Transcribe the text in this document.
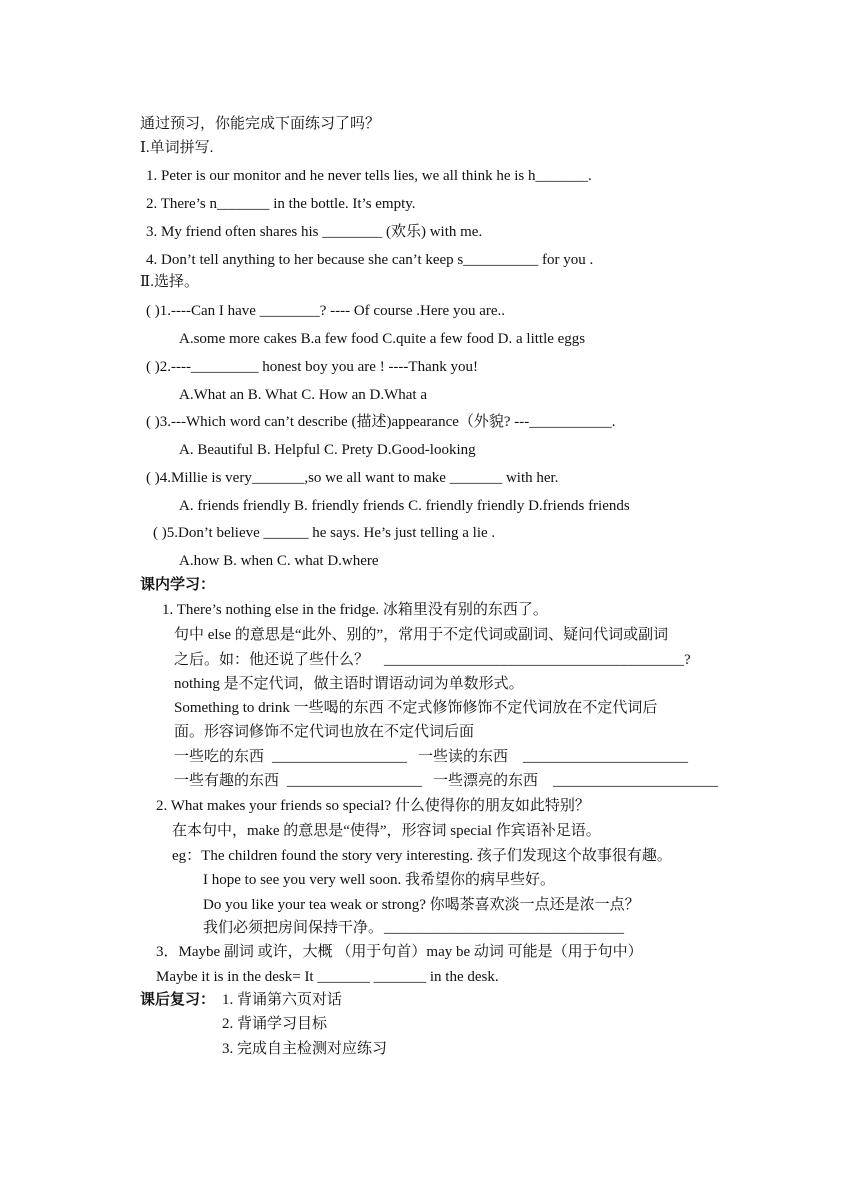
通过预习，你能完成下面练习了吗？
Ⅰ.单词拼写.
1. Peter is our monitor and he never tells lies, we all think he is h_______.
2. There’s n_______ in the bottle. It’s empty.
3. My friend often shares his ________ (欢乐) with me.
4. Don’t tell anything to her because she can’t keep s__________ for you .
Ⅱ.选择。
( )1.----Can I have ________? ---- Of course .Here you are..
A.some more cakes B.a few food C.quite a few food D. a little eggs
( )2.----_________ honest boy you are ! ----Thank you!
A.What an B. What C. How an D.What a
( )3.---Which word can’t describe (描述)appearance（外貌? ---___________.
A. Beautiful B. Helpful C. Prety D.Good-looking
( )4.Millie is very_______,so we all want to make _______ with her.
A. friends friendly B. friendly friends C. friendly friendly D.friends friends
( )5.Don’t believe ______ he says. He’s just telling a lie .
A.how B. when C. what D.where
课内学习：
1. There’s nothing else in the fridge. 冰箱里没有别的东西了。
句中 else 的意思是“此外、别的”，常用于不定代词或副词、疑问代词或副词
之后。如：他还说了些什么？ ________________________________________?
nothing 是不定代词，做主语时谓语动词为单数形式。
Something to drink 一些喝的东西 不定式修饰修饰不定代词放在不定代词后
面。形容词修饰不定代词也放在不定代词后面
一些吃的东西 __________________ 一些读的东西 ______________________
一些有趣的东西 __________________ 一些漂亮的东西 ______________________
2. What makes your friends so special? 什么使得你的朋友如此特别？
在本句中，make 的意思是“使得”，形容词 special 作宾语补足语。
eg：The children found the story very interesting. 孩子们发现这个故事很有趣。
I hope to see you very well soon. 我希望你的病早些好。
Do you like your tea weak or strong? 你喝茶喜欢淡一点还是浓一点？
我们必须把房间保持干净。 ________________________________
3．Maybe 副词 或许，大概 （用于句首）may be 动词 可能是（用于句中）
Maybe it is in the desk= It _______ _______ in the desk.
课后复习： 1. 背诵第六页对话
2. 背诵学习目标
3. 完成自主检测对应练习
